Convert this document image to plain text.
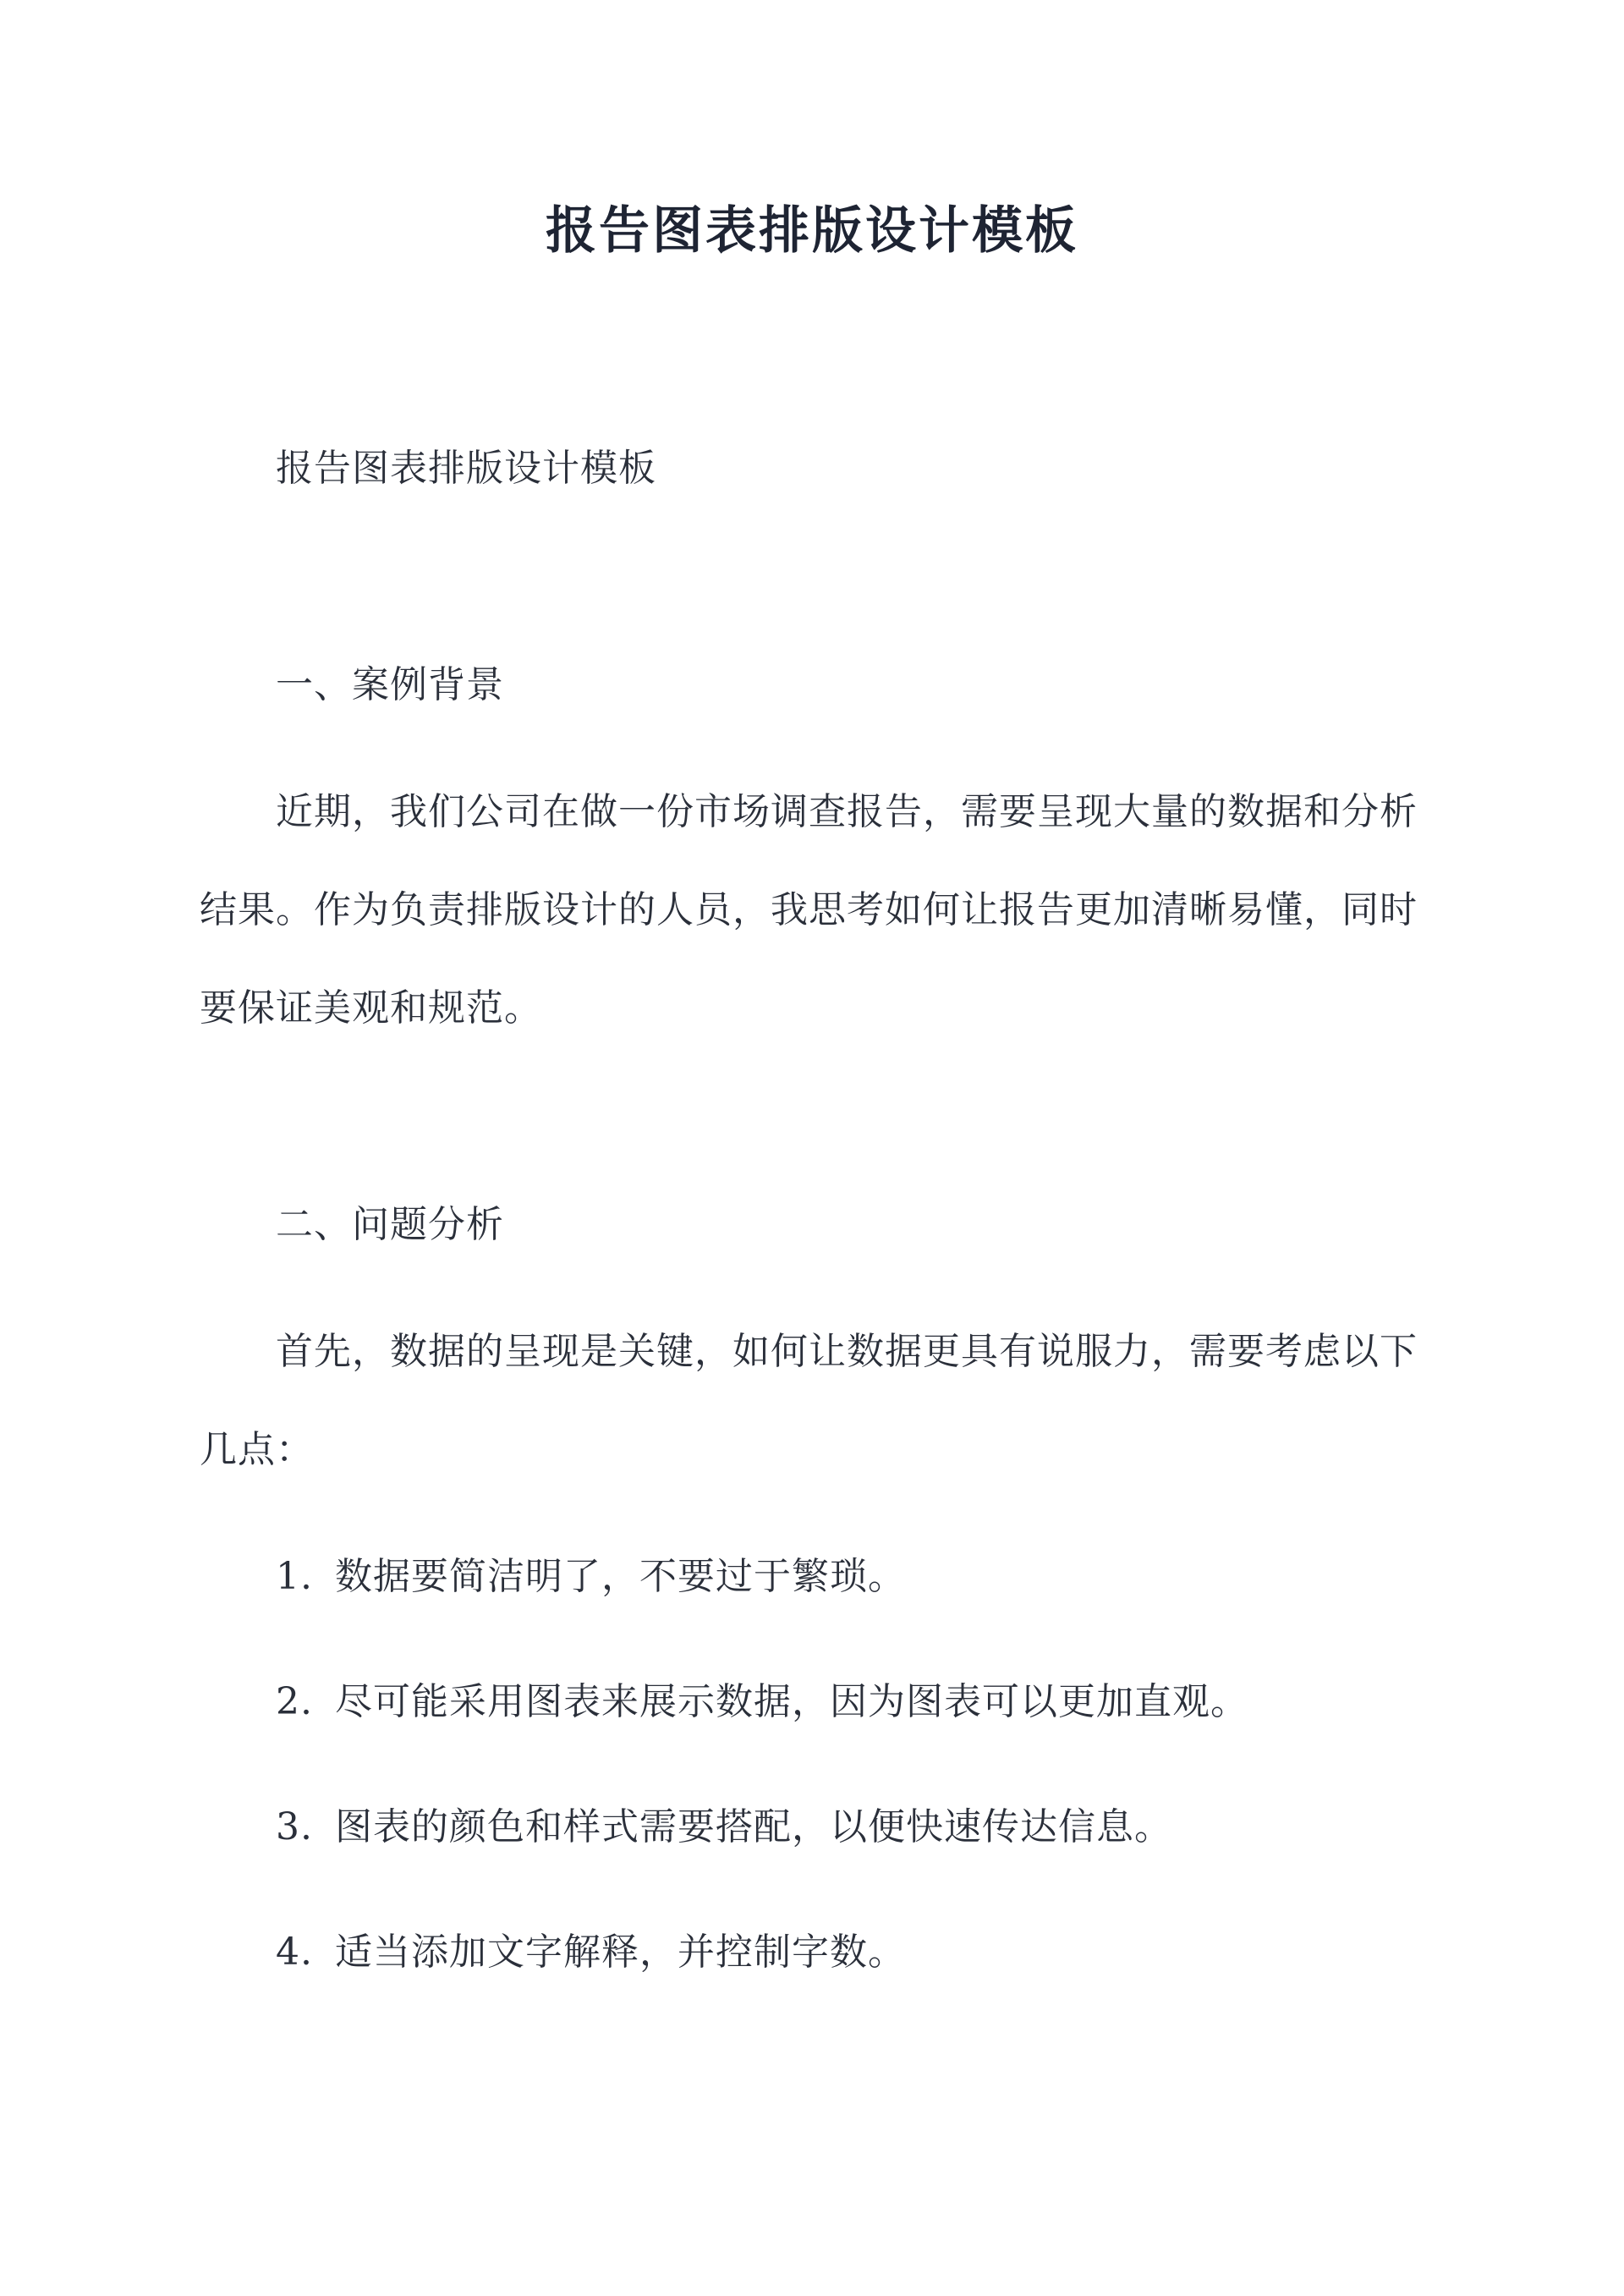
报告图表排版设计模板
报告图表排版设计模板
一、案例背景
近期，我们公司在做一份市场调查报告，需要呈现大量的数据和分析
结果。作为负责排版设计的人员，我思考如何让报告更加清晰易懂，同时
要保证美观和规范。
二、问题分析
首先，数据的呈现是关键，如何让数据更具有说服力，需要考虑以下
几点：
1. 数据要简洁明了，不要过于繁琐。
2. 尽可能采用图表来展示数据，因为图表可以更加直观。
3. 图表的颜色和样式需要搭配，以便快速传达信息。
4. 适当添加文字解释，并控制字数。
